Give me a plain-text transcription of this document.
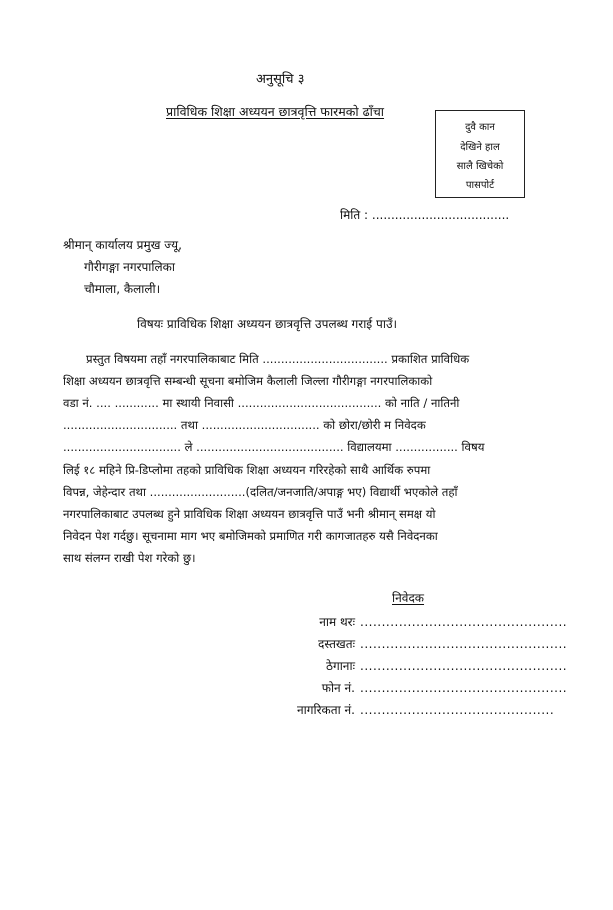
अनुसूचि ३
प्राविधिक शिक्षा अध्ययन छात्रवृत्ति फारमको ढाँचा
दुवै कान
देखिने हाल
सालै खिचेको
पासपोर्ट
मिति : ....................................
श्रीमान् कार्यालय प्रमुख ज्यू,
गौरीगङ्गा नगरपालिका
चौमाला, कैलाली।
विषयः प्राविधिक शिक्षा अध्ययन छात्रवृत्ति उपलब्ध गराई पाउँ।
प्रस्तुत विषयमा तहाँ नगरपालिकाबाट मिति .................................. प्रकाशित प्राविधिक
शिक्षा अध्ययन छात्रवृत्ति सम्बन्धी सूचना बमोजिम कैलाली जिल्ला गौरीगङ्गा नगरपालिकाको
वडा नं. .... ............ मा स्थायी निवासी ....................................... को नाति / नातिनी
............................... तथा ................................ को छोरा/छोरी म निवेदक
................................ ले ........................................ विद्यालयमा ................. विषय
लिई १८ महिने प्रि-डिप्लोमा तहको प्राविधिक शिक्षा अध्ययन गरिरहेको साथै आर्थिक रुपमा
विपन्न, जेहेन्दार तथा ..........................(दलित/जनजाति/अपाङ्ग भए) विद्यार्थी भएकोले तहाँ
नगरपालिकाबाट उपलब्ध हुने प्राविधिक शिक्षा अध्ययन छात्रवृत्ति पाउँ भनी श्रीमान् समक्ष यो
निवेदन पेश गर्दछु। सूचनामा माग भए बमोजिमको प्रमाणित गरी कागजातहरु यसै निवेदनका
साथ संलग्न राखी पेश गरेको छु।
निवेदक
नाम थरः ................................................
दस्तखतः ................................................
ठेगानाः ................................................
फोन नं. ................................................
नागरिकता नं. .............................................
